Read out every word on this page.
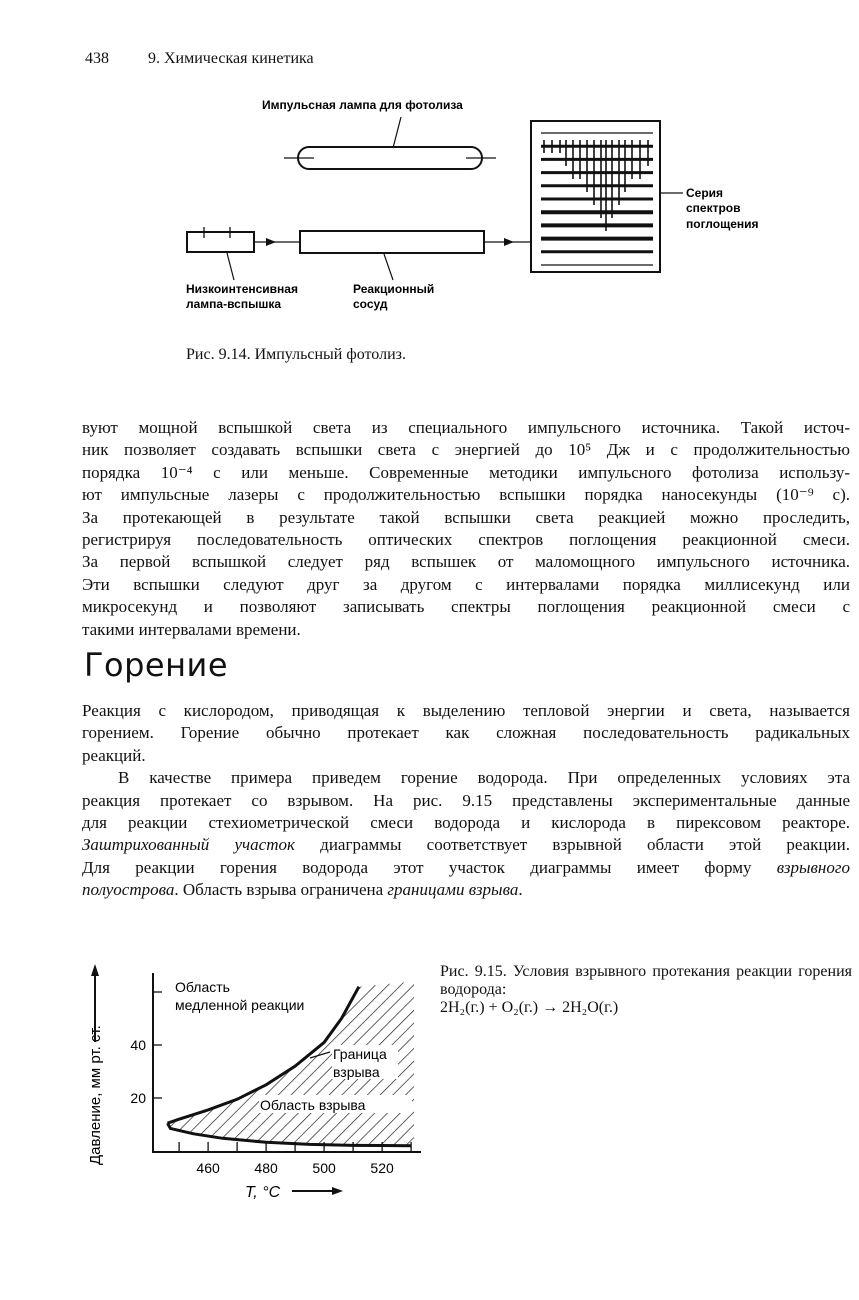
438 9. Химическая кинетика
Импульсная лампа для фотолиза
Серия
спектров
поглощения
Низкоинтенсивная
лампа-вспышка
Реакционный
сосуд
Рис. 9.14. Импульсный фотолиз.
вуют мощной вспышкой света из специального импульсного источника. Такой источ-
ник позволяет создавать вспышки света с энергией до 10⁵ Дж и с продолжительностью
порядка 10⁻⁴ с или меньше. Современные методики импульсного фотолиза использу-
ют импульсные лазеры с продолжительностью вспышки порядка наносекунды (10⁻⁹ с).
За протекающей в результате такой вспышки света реакцией можно проследить,
регистрируя последовательность оптических спектров поглощения реакционной смеси.
За первой вспышкой следует ряд вспышек от маломощного импульсного источника.
Эти вспышки следуют друг за другом с интервалами порядка миллисекунд или
микросекунд и позволяют записывать спектры поглощения реакционной смеси с
такими интервалами времени.
Горение
Реакция с кислородом, приводящая к выделению тепловой энергии и света, называется
горением. Горение обычно протекает как сложная последовательность радикальных
реакций.
В качестве примера приведем горение водорода. При определенных условиях эта
реакция протекает со взрывом. На рис. 9.15 представлены экспериментальные данные
для реакции стехиометрической смеси водорода и кислорода в пирексовом реакторе.
Заштрихованный участок диаграммы соответствует взрывной области этой реакции.
Для реакции горения водорода этот участок диаграммы имеет форму взрывного
полуострова. Область взрыва ограничена границами взрыва.
460 480 500 520
20
40
Область
медленной реакции
Граница
взрыва
Область взрыва
T, °C
Давление, мм рт. ст.
Рис. 9.15. Условия взрывного протекания реакции горения водорода:
2H₂(г.) + O₂(г.) → 2H₂O(г.)
